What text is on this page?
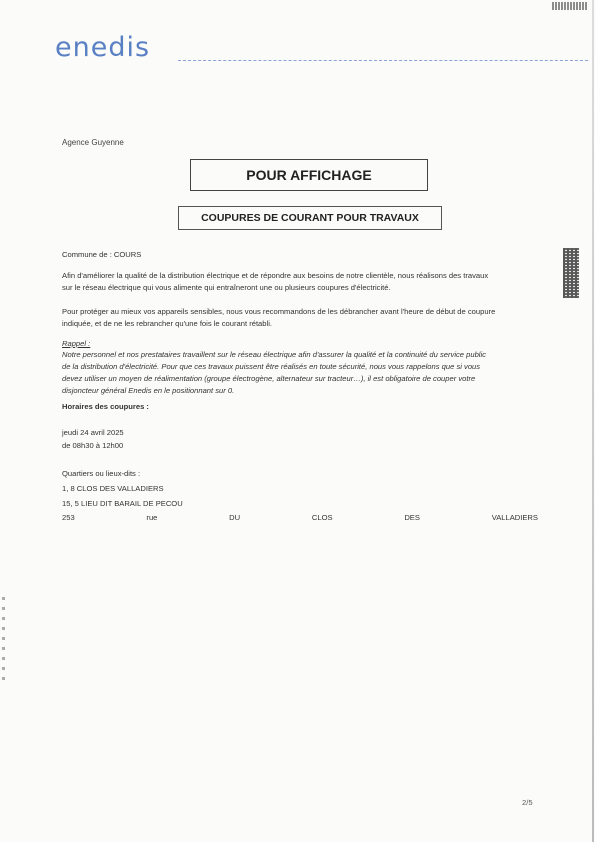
enedis
Agence Guyenne
POUR AFFICHAGE
COUPURES DE COURANT POUR TRAVAUX
Commune de : COURS
Afin d'améliorer la qualité de la distribution électrique et de répondre aux besoins de notre clientèle, nous réalisons des travaux
sur le réseau électrique qui vous alimente qui entraîneront une ou plusieurs coupures d'électricité.
Pour protéger au mieux vos appareils sensibles, nous vous recommandons de les débrancher avant l'heure de début de coupure
indiquée, et de ne les rebrancher qu'une fois le courant rétabli.
Rappel :
Notre personnel et nos prestataires travaillent sur le réseau électrique afin d'assurer la qualité et la continuité du service public
de la distribution d'électricité. Pour que ces travaux puissent être réalisés en toute sécurité, nous vous rappelons que si vous
devez utiliser un moyen de réalimentation (groupe électrogène, alternateur sur tracteur…), il est obligatoire de couper votre
disjoncteur général Enedis en le positionnant sur 0.
Horaires des coupures :
jeudi 24 avril 2025
de 08h30 à 12h00
Quartiers ou lieux-dits :
1, 8 CLOS DES VALLADIERS
15, 5 LIEU DIT BARAIL DE PECOU
253	rue	DU	CLOS	DES	VALLADIERS
2/5
